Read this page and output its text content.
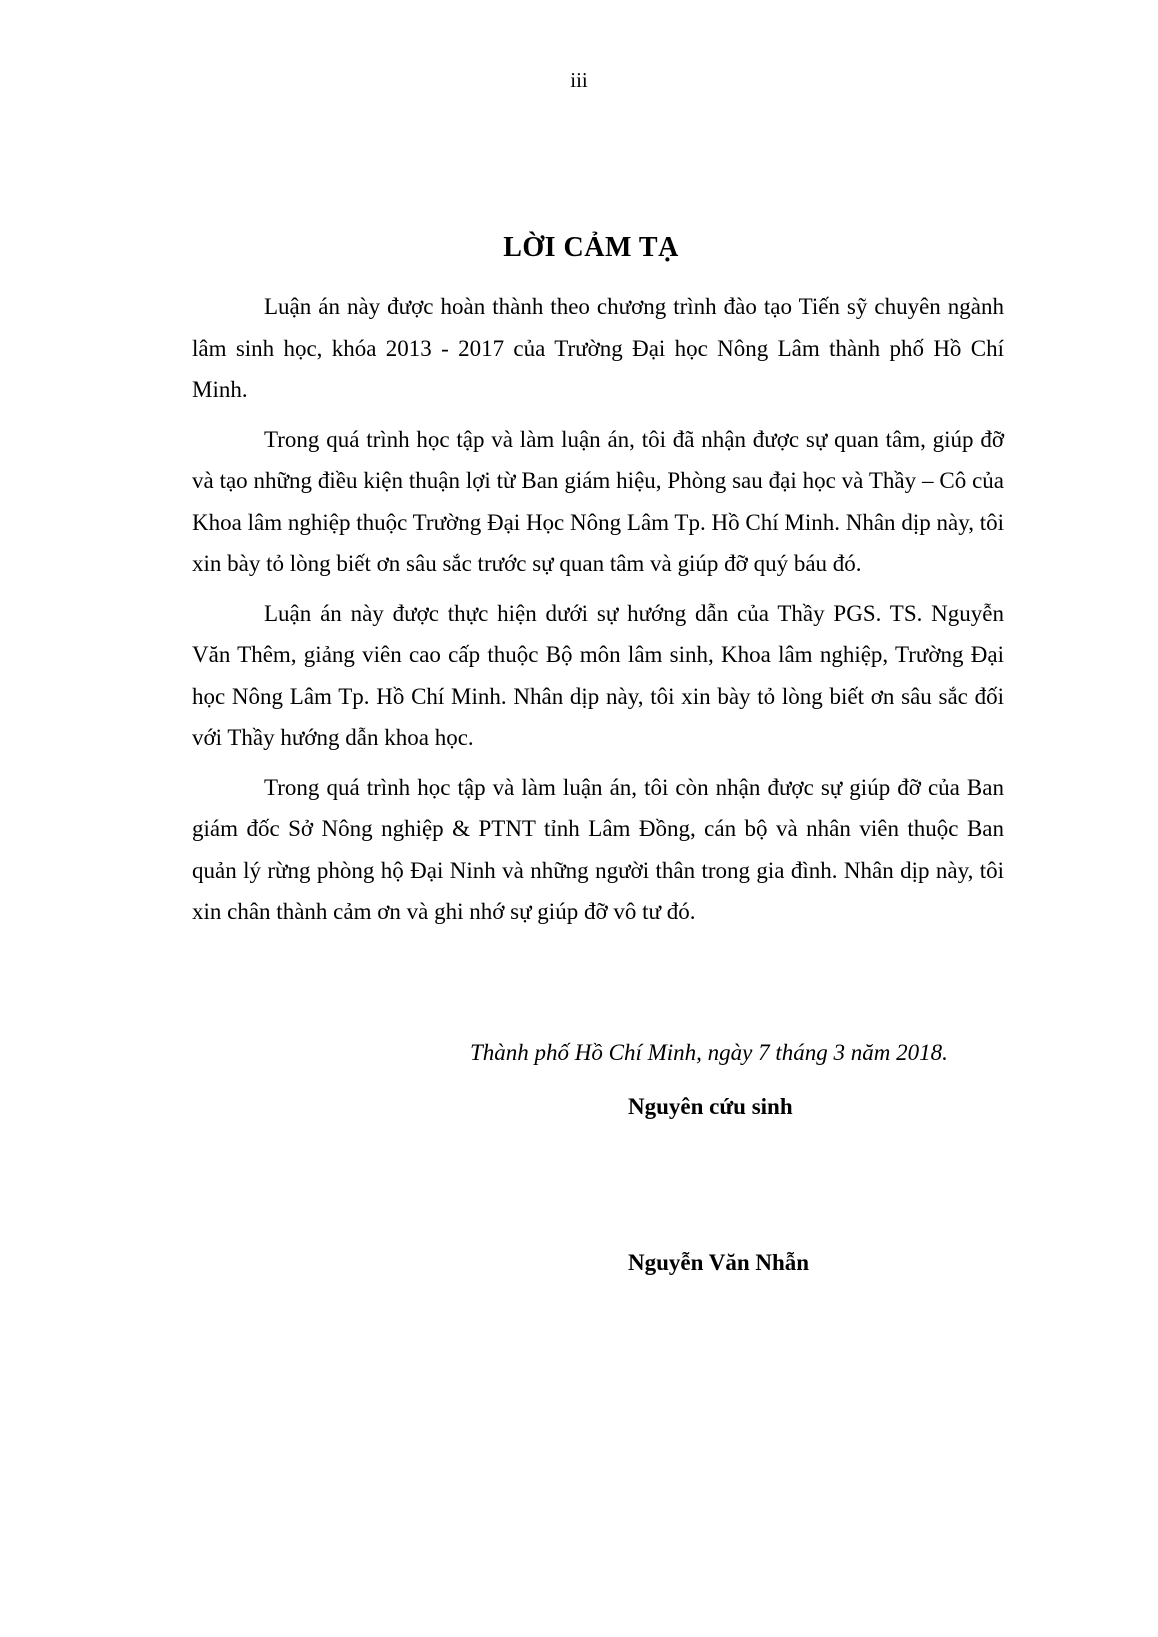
iii
LỜI CẢM TẠ

Luận án này được hoàn thành theo chương trình đào tạo Tiến sỹ chuyên ngành lâm sinh học, khóa 2013 - 2017 của Trường Đại học Nông Lâm thành phố Hồ Chí Minh.

Trong quá trình học tập và làm luận án, tôi đã nhận được sự quan tâm, giúp đỡ và tạo những điều kiện thuận lợi từ Ban giám hiệu, Phòng sau đại học và Thầy – Cô của Khoa lâm nghiệp thuộc Trường Đại Học Nông Lâm Tp. Hồ Chí Minh. Nhân dịp này, tôi xin bày tỏ lòng biết ơn sâu sắc trước sự quan tâm và giúp đỡ quý báu đó.

Luận án này được thực hiện dưới sự hướng dẫn của Thầy PGS. TS. Nguyễn Văn Thêm, giảng viên cao cấp thuộc Bộ môn lâm sinh, Khoa lâm nghiệp, Trường Đại học Nông Lâm Tp. Hồ Chí Minh. Nhân dịp này, tôi xin bày tỏ lòng biết ơn sâu sắc đối với Thầy hướng dẫn khoa học.

Trong quá trình học tập và làm luận án, tôi còn nhận được sự giúp đỡ của Ban giám đốc Sở Nông nghiệp & PTNT tỉnh Lâm Đồng, cán bộ và nhân viên thuộc Ban quản lý rừng phòng hộ Đại Ninh và những người thân trong gia đình. Nhân dịp này, tôi xin chân thành cảm ơn và ghi nhớ sự giúp đỡ vô tư đó.

Thành phố Hồ Chí Minh, ngày 7 tháng 3 năm 2018.
Nguyên cứu sinh
Nguyễn Văn Nhẫn
